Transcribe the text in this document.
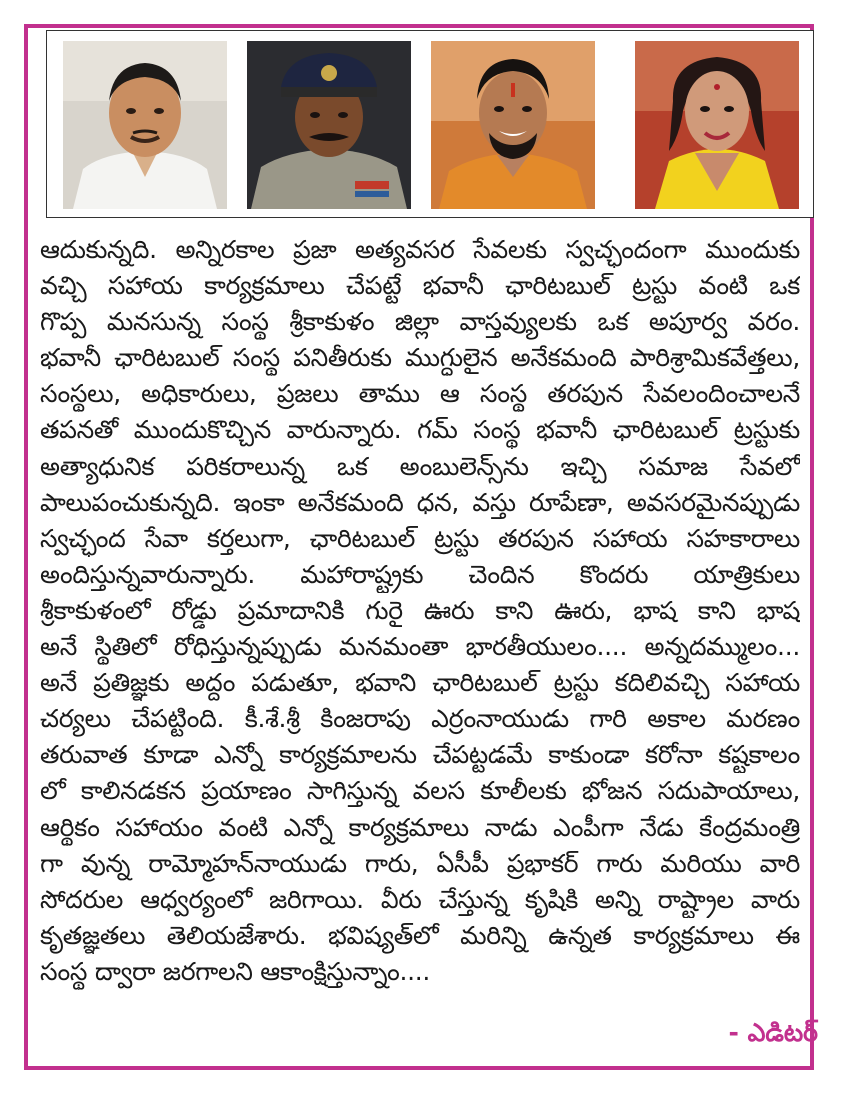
ఆదుకున్నది. అన్నిరకాల ప్రజా అత్యవసర సేవలకు స్వచ్ఛందంగా ముందుకు
వచ్చి సహాయ కార్యక్రమాలు చేపట్టే భవానీ ఛారిటబుల్ ట్రస్టు వంటి ఒక
గొప్ప మనసున్న సంస్థ శ్రీకాకుళం జిల్లా వాస్తవ్యులకు ఒక అపూర్వ వరం.
భవానీ ఛారిటబుల్ సంస్థ పనితీరుకు ముగ్ధులైన అనేకమంది పారిశ్రామికవేత్తలు,
సంస్థలు, అధికారులు, ప్రజలు తాము ఆ సంస్థ తరపున సేవలందించాలనే
తపనతో ముందుకొచ్చిన వారున్నారు. గమ్ సంస్థ భవానీ ఛారిటబుల్ ట్రస్టుకు
అత్యాధునిక పరికరాలున్న ఒక అంబులెన్స్‌ను ఇచ్చి సమాజ సేవలో
పాలుపంచుకున్నది. ఇంకా అనేకమంది ధన, వస్తు రూపేణా, అవసరమైనప్పుడు
స్వచ్ఛంద సేవా కర్తలుగా, ఛారిటబుల్ ట్రస్టు తరపున సహాయ సహకారాలు
అందిస్తున్నవారున్నారు. మహారాష్ట్రకు చెందిన కొందరు యాత్రికులు
శ్రీకాకుళంలో రోడ్డు ప్రమాదానికి గురై ఊరు కాని ఊరు, భాష కాని భాష
అనే స్థితిలో రోధిస్తున్నప్పుడు మనమంతా భారతీయులం.... అన్నదమ్ములం...
అనే ప్రతిజ్ఞకు అద్దం పడుతూ, భవాని ఛారిటబుల్ ట్రస్టు కదిలివచ్చి సహాయ
చర్యలు చేపట్టింది. కీ.శే.శ్రీ కింజరాపు ఎర్రంనాయుడు గారి అకాల మరణం
తరువాత కూడా ఎన్నో కార్యక్రమాలను చేపట్టడమే కాకుండా కరోనా కష్టకాలం
లో కాలినడకన ప్రయాణం సాగిస్తున్న వలస కూలీలకు భోజన సదుపాయాలు,
ఆర్థికం సహాయం వంటి ఎన్నో కార్యక్రమాలు నాడు ఎంపీగా నేడు కేంద్రమంత్రి
గా వున్న రామ్మోహన్‌నాయుడు గారు, ఏసీపీ ప్రభాకర్ గారు మరియు వారి
సోదరుల ఆధ్వర్యంలో జరిగాయి. వీరు చేస్తున్న కృషికి అన్ని రాష్ట్రాల వారు
కృతజ్ఞతలు తెలియజేశారు. భవిష్యత్‌లో మరిన్ని ఉన్నత కార్యక్రమాలు ఈ
సంస్థ ద్వారా జరగాలని ఆకాంక్షిస్తున్నాం....
- ఎడిటర్
